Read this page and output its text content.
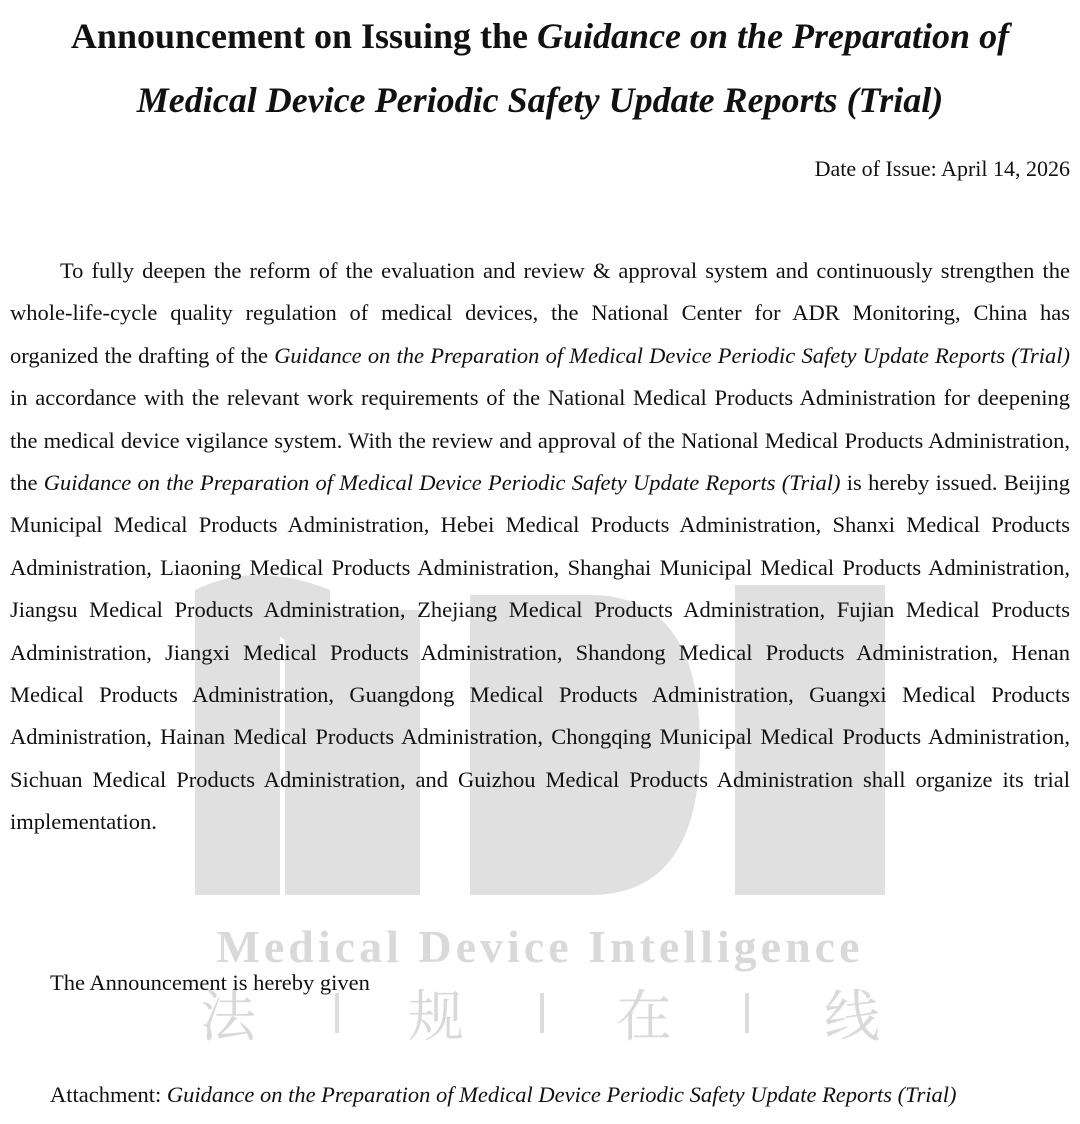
Medical Device Intelligence
法	规	在	线
Announcement on Issuing the Guidance on the Preparation of
Medical Device Periodic Safety Update Reports (Trial)
Date of Issue: April 14, 2026

To fully deepen the reform of the evaluation and review & approval system and continuously strengthen the whole-life-cycle quality regulation of medical devices, the National Center for ADR Monitoring, China has organized the drafting of the Guidance on the Preparation of Medical Device Periodic Safety Update Reports (Trial) in accordance with the relevant work requirements of the National Medical Products Administration for deepening the medical device vigilance system. With the review and approval of the National Medical Products Administration, the Guidance on the Preparation of Medical Device Periodic Safety Update Reports (Trial) is hereby issued. Beijing Municipal Medical Products Administration, Hebei Medical Products Administration, Shanxi Medical Products Administration, Liaoning Medical Products Administration, Shanghai Municipal Medical Products Administration, Jiangsu Medical Products Administration, Zhejiang Medical Products Administration, Fujian Medical Products Administration, Jiangxi Medical Products Administration, Shandong Medical Products Administration, Henan Medical Products Administration, Guangdong Medical Products Administration, Guangxi Medical Products Administration, Hainan Medical Products Administration, Chongqing Municipal Medical Products Administration, Sichuan Medical Products Administration, and Guizhou Medical Products Administration shall organize its trial implementation.

The Announcement is hereby given

Attachment: Guidance on the Preparation of Medical Device Periodic Safety Update Reports (Trial)
